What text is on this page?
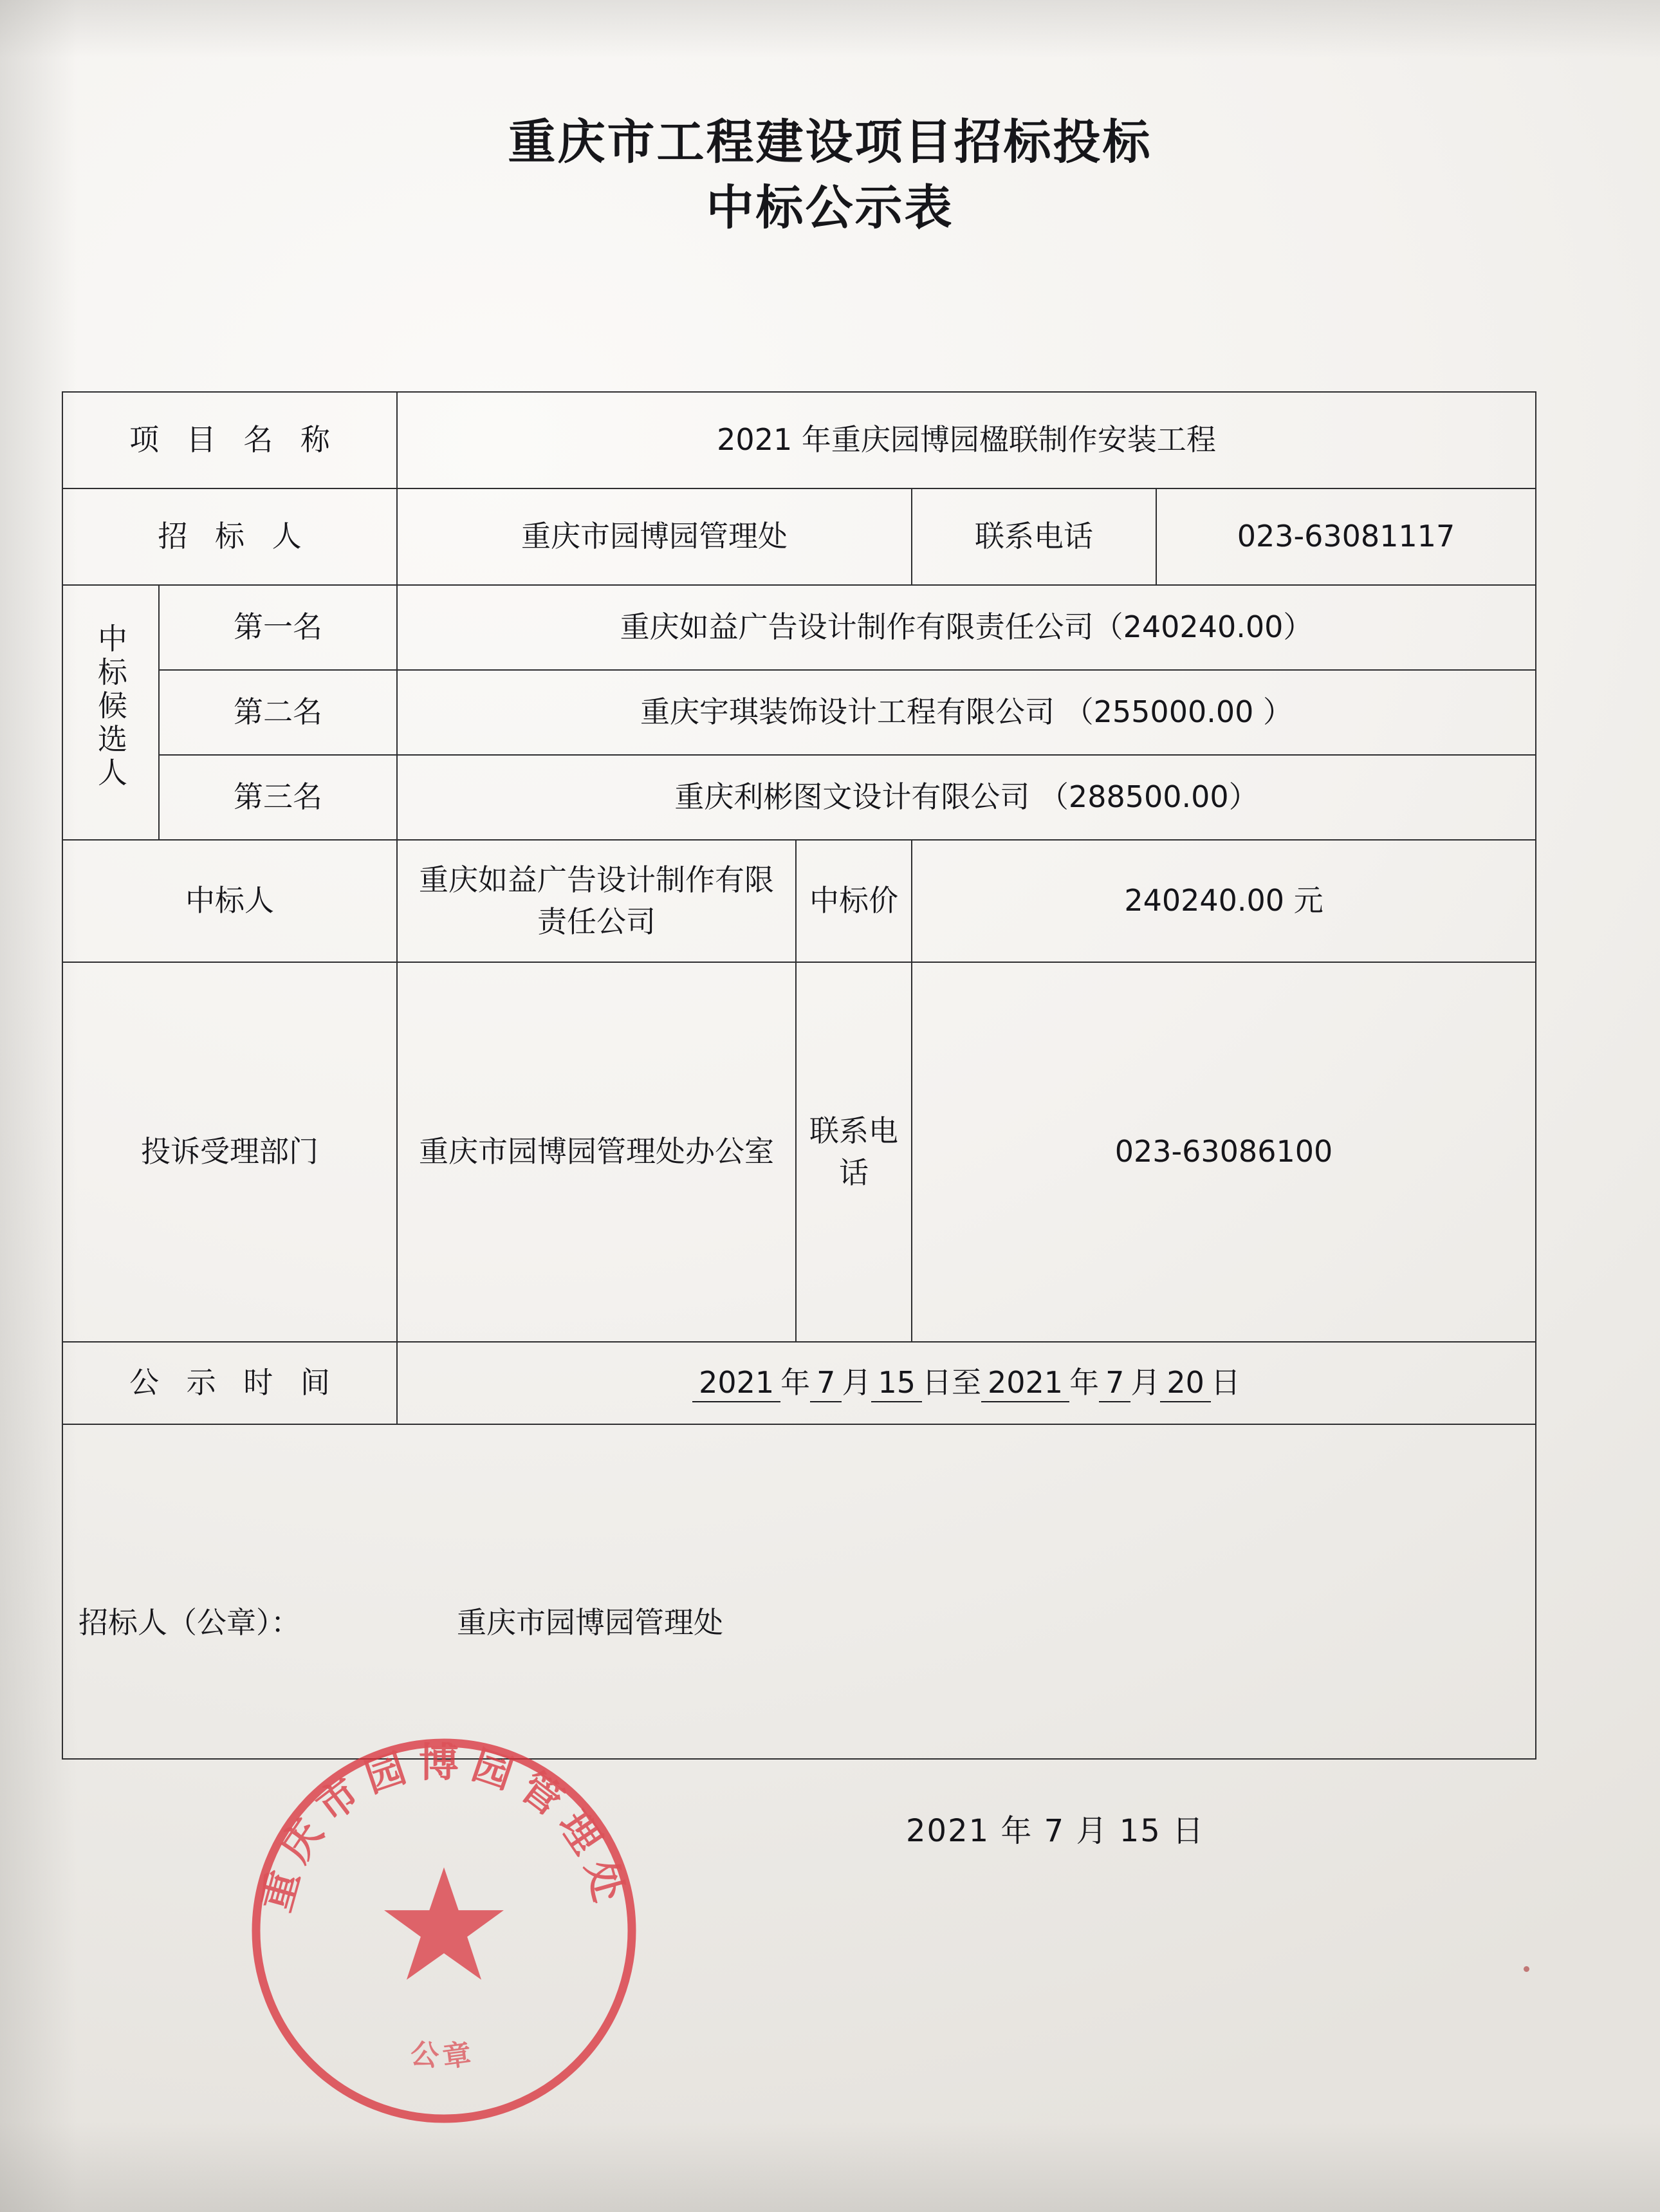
重庆市工程建设项目招标投标
中标公示表
项 目 名 称		2021 年重庆园博园楹联制作安装工程			
招 标 人		重庆市园博园管理处		联系电话	023-63081117
中标候选人	第一名	重庆如益广告设计制作有限责任公司（240240.00）			
	第二名	重庆宇琪装饰设计工程有限公司 （255000.00 ）			
	第三名	重庆利彬图文设计有限公司 （288500.00）			
中标人		重庆如益广告设计制作有限责任公司	中标价	240240.00 元	
投诉受理部门		重庆市园博园管理处办公室	联系电话	023-63086100	
公 示 时 间		2021 年 7 月 15 日至 2021 年 7 月 20 日			

招标人（公章）： 重庆市园博园管理处
2021 年 7 月 15 日					
重庆市园博园管理处
公章
